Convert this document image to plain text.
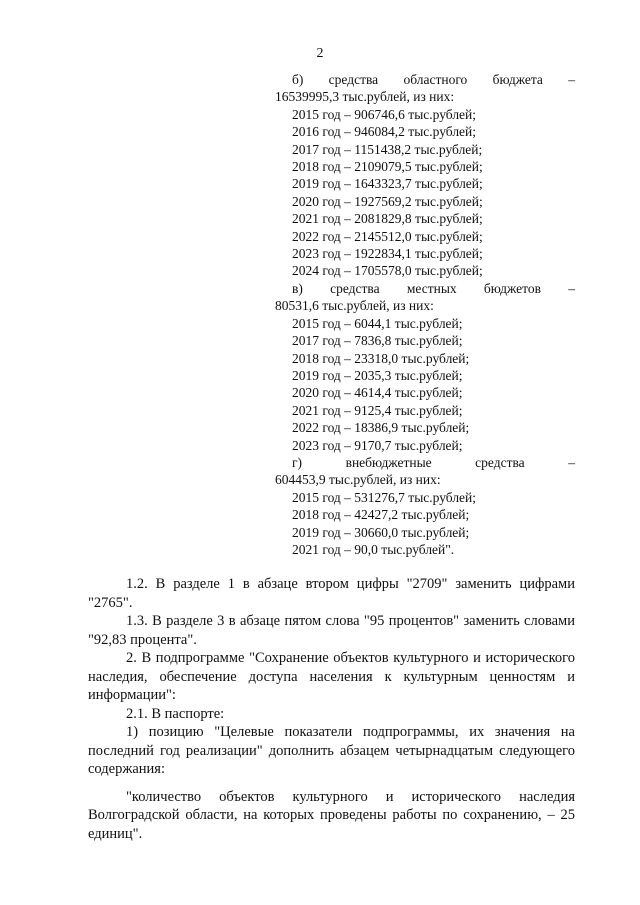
2
б) средства областного бюджета –
16539995,3 тыс.рублей, из них:
2015 год – 906746,6 тыс.рублей;
2016 год – 946084,2 тыс.рублей;
2017 год – 1151438,2 тыс.рублей;
2018 год – 2109079,5 тыс.рублей;
2019 год – 1643323,7 тыс.рублей;
2020 год – 1927569,2 тыс.рублей;
2021 год – 2081829,8 тыс.рублей;
2022 год – 2145512,0 тыс.рублей;
2023 год – 1922834,1 тыс.рублей;
2024 год – 1705578,0 тыс.рублей;
в) средства местных бюджетов –
80531,6 тыс.рублей, из них:
2015 год – 6044,1 тыс.рублей;
2017 год – 7836,8 тыс.рублей;
2018 год – 23318,0 тыс.рублей;
2019 год – 2035,3 тыс.рублей;
2020 год – 4614,4 тыс.рублей;
2021 год – 9125,4 тыс.рублей;
2022 год – 18386,9 тыс.рублей;
2023 год – 9170,7 тыс.рублей;
г)	внебюджетные	средства	–
604453,9 тыс.рублей, из них:
2015 год – 531276,7 тыс.рублей;
2018 год – 42427,2 тыс.рублей;
2019 год – 30660,0 тыс.рублей;
2021 год – 90,0 тыс.рублей".

1.2. В разделе 1 в абзаце втором цифры "2709" заменить цифрами "2765".

1.3. В разделе 3 в абзаце пятом слова "95 процентов" заменить словами "92,83 процента".

2. В подпрограмме "Сохранение объектов культурного и исторического наследия, обеспечение доступа населения к культурным ценностям и информации":

2.1. В паспорте:

1) позицию "Целевые показатели подпрограммы, их значения на последний год реализации" дополнить абзацем четырнадцатым следующего содержания:

"количество объектов культурного и исторического наследия Волгоградской области, на которых проведены работы по сохранению, – 25 единиц".
